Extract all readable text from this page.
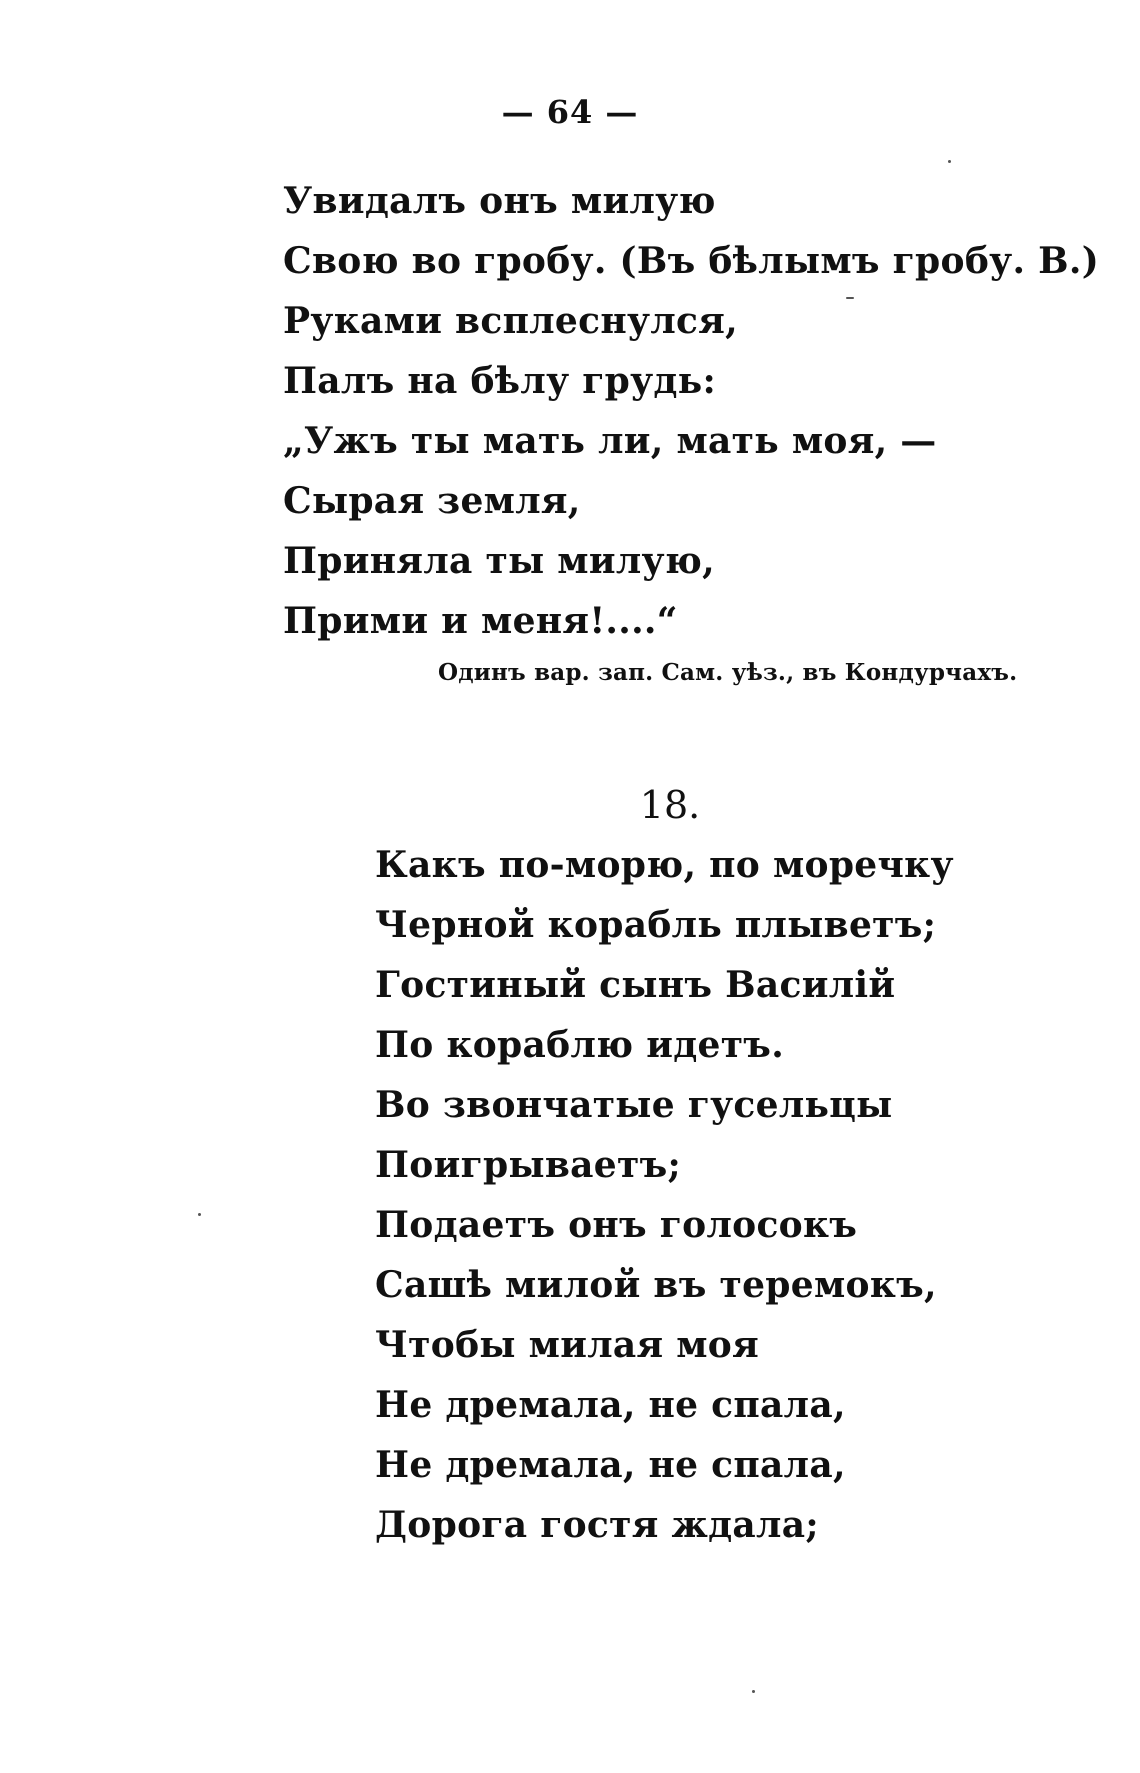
— 64 —
Увидалъ онъ милую
Свою во гробу. (Въ бѣлымъ гробу. В.)
Руками всплеснулся,
Палъ на бѣлу грудь:
„Ужъ ты мать ли, мать моя, —
Сырая земля,
Приняла ты милую,
Прими и меня!....“
Одинъ вар. зап. Сам. уѣз., въ Кондурчахъ.
18.
Какъ по-морю, по моречку
Черной корабль плыветъ;
Гостиный сынъ Василій
По кораблю идетъ.
Во звончатые гусельцы
Поигрываетъ;
Подаетъ онъ голосокъ
Сашѣ милой въ теремокъ,
Чтобы милая моя
Не дремала, не спала,
Не дремала, не спала,
Дорога гостя ждала;
